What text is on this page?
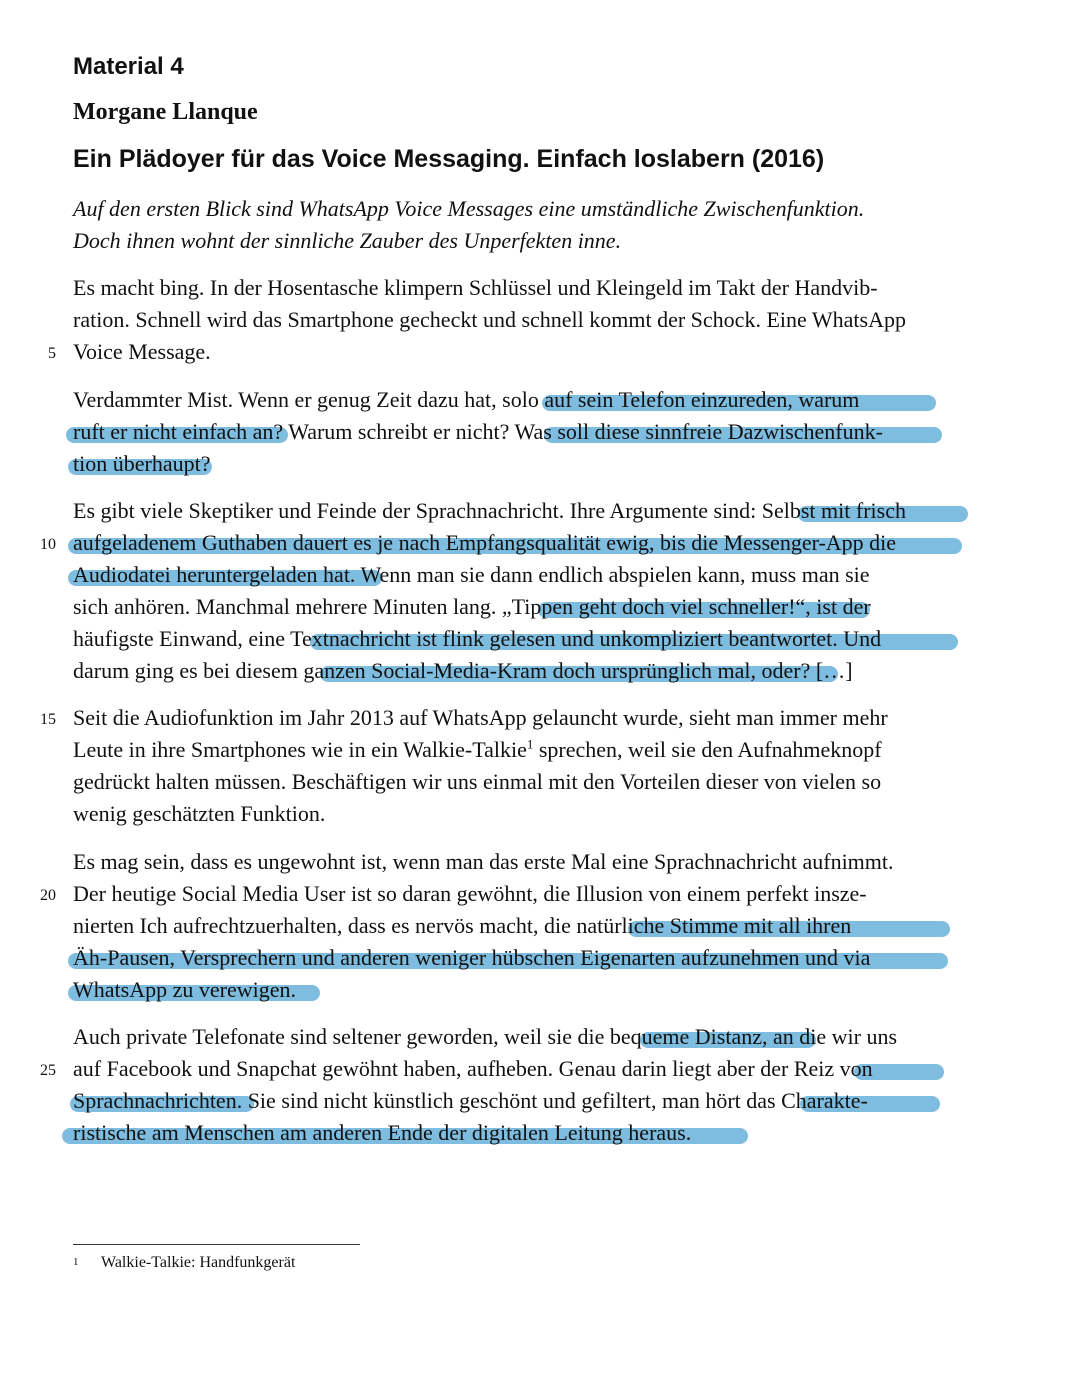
Material 4
Morgane Llanque
Ein Plädoyer für das Voice Messaging. Einfach loslabern (2016)
Auf den ersten Blick sind WhatsApp Voice Messages eine umständliche Zwischenfunktion.
Doch ihnen wohnt der sinnliche Zauber des Unperfekten inne.
Es macht bing. In der Hosentasche klimpern Schlüssel und Kleingeld im Takt der Handvib-
ration. Schnell wird das Smartphone gecheckt und schnell kommt der Schock. Eine WhatsApp
Voice Message.
5
Verdammter Mist. Wenn er genug Zeit dazu hat, solo auf sein Telefon einzureden, warum
ruft er nicht einfach an? Warum schreibt er nicht? Was soll diese sinnfreie Dazwischenfunk-
tion überhaupt?
Es gibt viele Skeptiker und Feinde der Sprachnachricht. Ihre Argumente sind: Selbst mit frisch
aufgeladenem Guthaben dauert es je nach Empfangsqualität ewig, bis die Messenger-App die
10
Audiodatei heruntergeladen hat. Wenn man sie dann endlich abspielen kann, muss man sie
sich anhören. Manchmal mehrere Minuten lang. „Tippen geht doch viel schneller!“, ist der
häufigste Einwand, eine Textnachricht ist flink gelesen und unkompliziert beantwortet. Und
darum ging es bei diesem ganzen Social-Media-Kram doch ursprünglich mal, oder? […]
Seit die Audiofunktion im Jahr 2013 auf WhatsApp gelauncht wurde, sieht man immer mehr
15
Leute in ihre Smartphones wie in ein Walkie-Talkie$^1$ sprechen, weil sie den Aufnahmeknopf
gedrückt halten müssen. Beschäftigen wir uns einmal mit den Vorteilen dieser von vielen so
wenig geschätzten Funktion.
Es mag sein, dass es ungewohnt ist, wenn man das erste Mal eine Sprachnachricht aufnimmt.
Der heutige Social Media User ist so daran gewöhnt, die Illusion von einem perfekt insze-
20
nierten Ich aufrechtzuerhalten, dass es nervös macht, die natürliche Stimme mit all ihren
Äh-Pausen, Versprechern und anderen weniger hübschen Eigenarten aufzunehmen und via
WhatsApp zu verewigen.
Auch private Telefonate sind seltener geworden, weil sie die bequeme Distanz, an die wir uns
auf Facebook und Snapchat gewöhnt haben, aufheben. Genau darin liegt aber der Reiz von
25
Sprachnachrichten. Sie sind nicht künstlich geschönt und gefiltert, man hört das Charakte-
ristische am Menschen am anderen Ende der digitalen Leitung heraus.
1 Walkie-Talkie: Handfunkgerät
